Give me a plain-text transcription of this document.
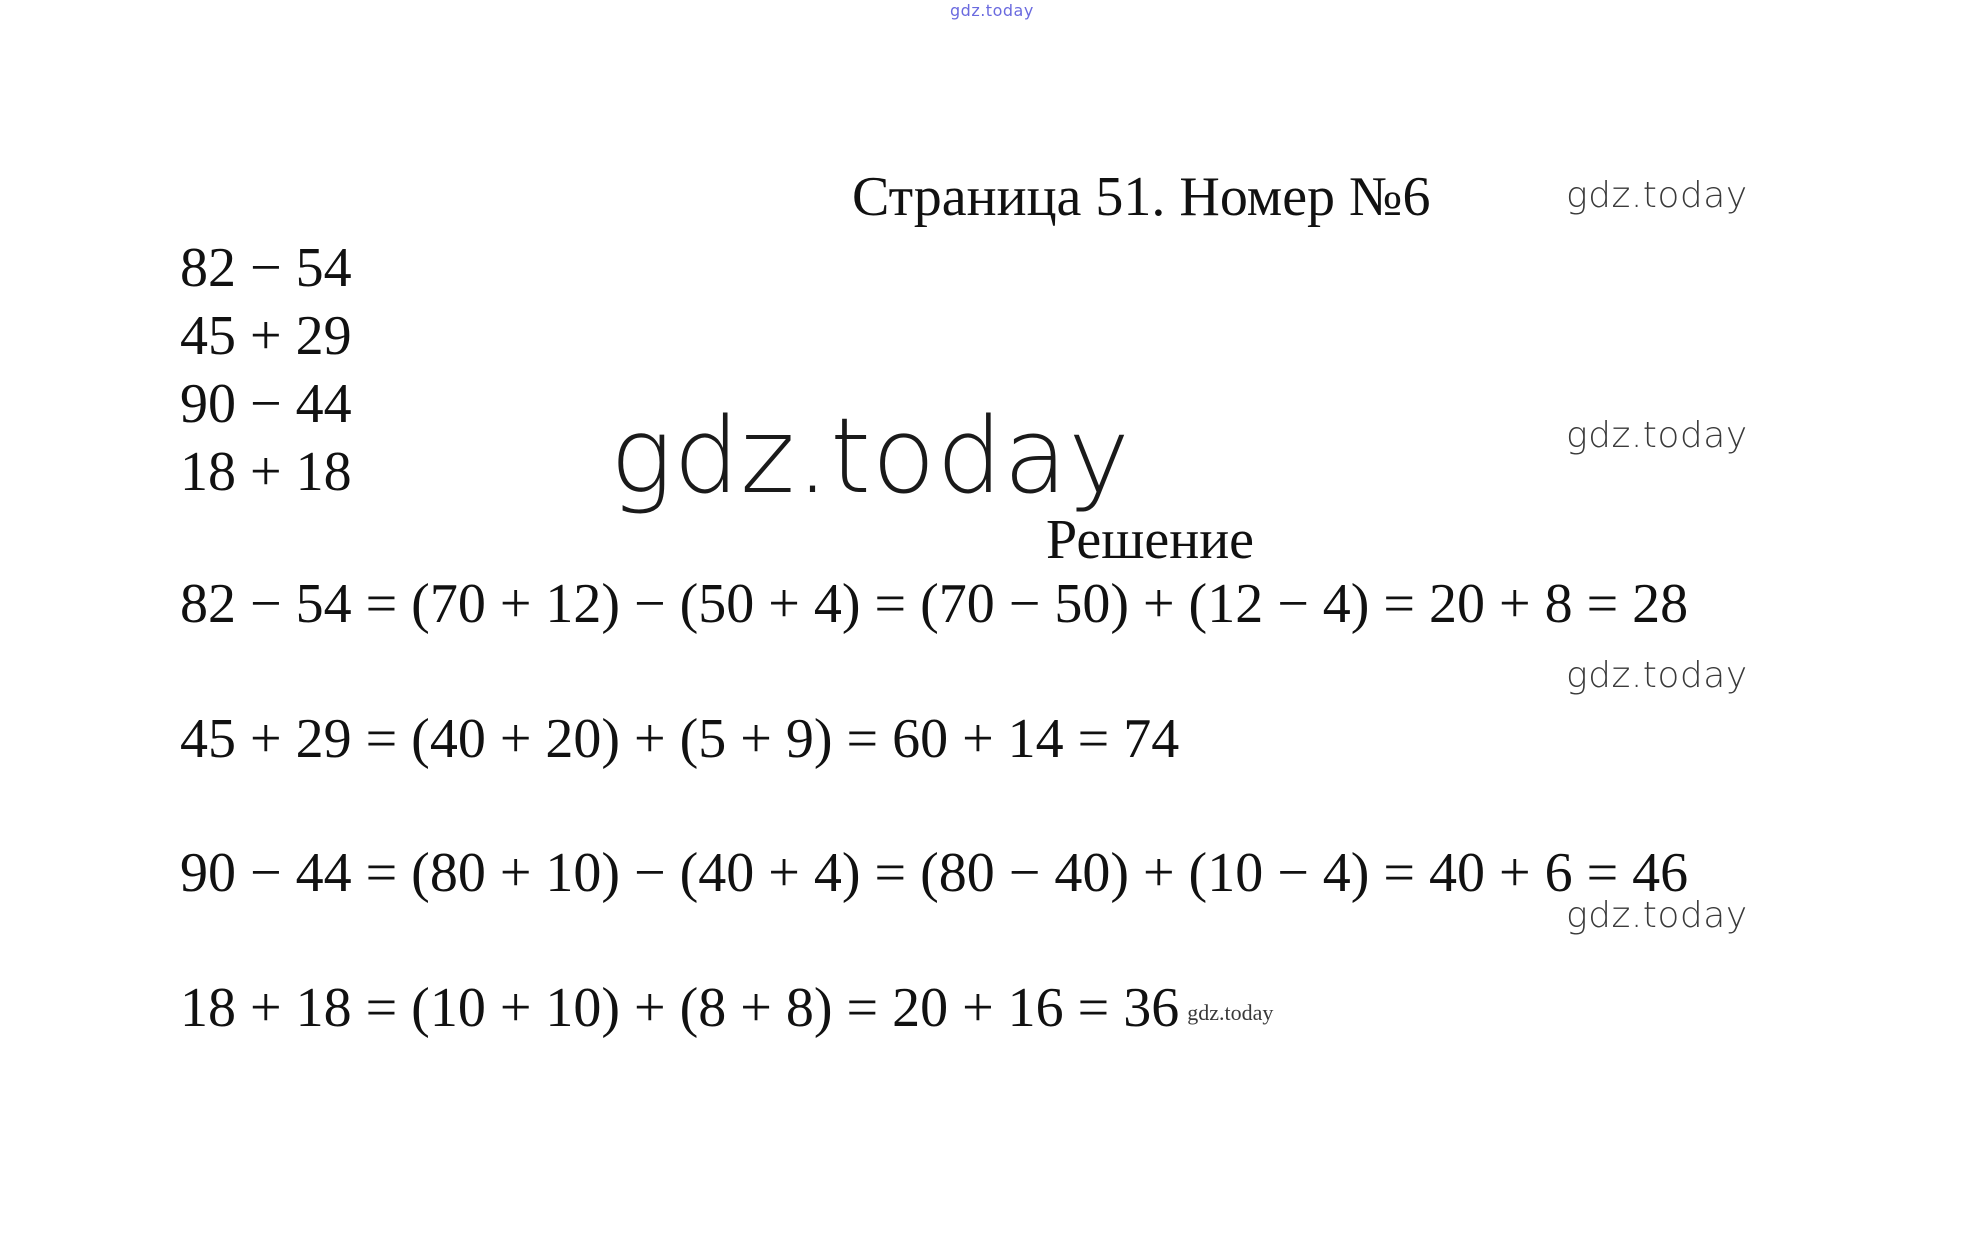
gdz.today
Страница 51. Номер №6	gdz.today
gdz.today
gdz.today
gdz.today
82 − 54
45 + 29
90 − 44
18 + 18 gdz.today
Решение
82 − 54 = (70 + 12) − (50 + 4) = (70 − 50) + (12 − 4) = 20 + 8 = 28
45 + 29 = (40 + 20) + (5 + 9) = 60 + 14 = 74
90 − 44 = (80 + 10) − (40 + 4) = (80 − 40) + (10 − 4) = 40 + 6 = 46
18 + 18 = (10 + 10) + (8 + 8) = 20 + 16 = 36 gdz.today
